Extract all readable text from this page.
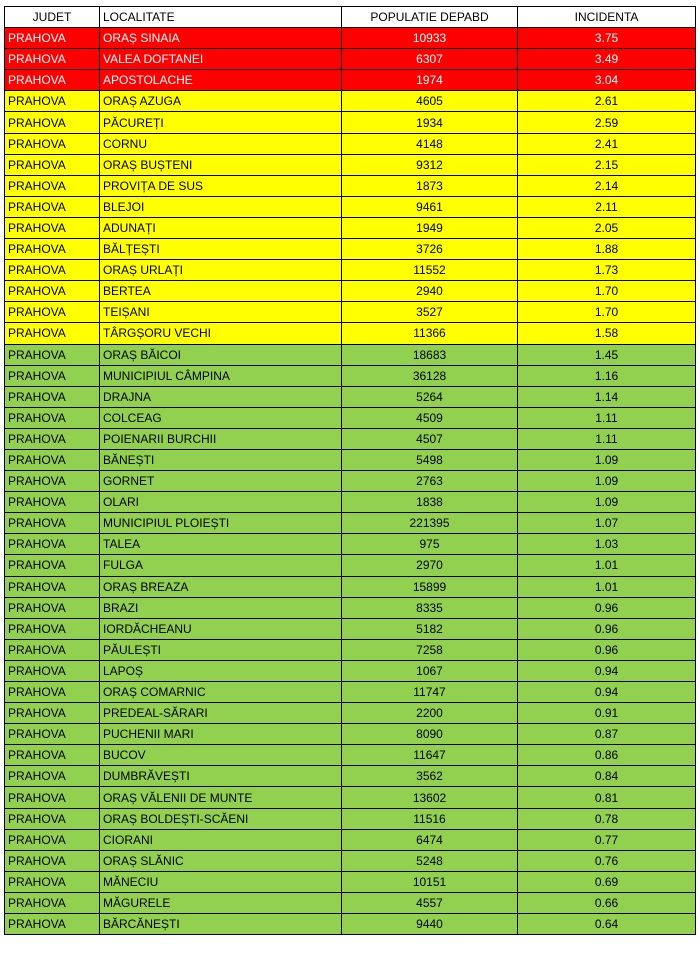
JUDET	LOCALITATE	POPULATIE DEPABD	INCIDENTA
PRAHOVA	ORAȘ SINAIA	10933	3.75
PRAHOVA	VALEA DOFTANEI	6307	3.49
PRAHOVA	APOSTOLACHE	1974	3.04
PRAHOVA	ORAȘ AZUGA	4605	2.61
PRAHOVA	PĂCUREȚI	1934	2.59
PRAHOVA	CORNU	4148	2.41
PRAHOVA	ORAȘ BUȘTENI	9312	2.15
PRAHOVA	PROVIȚA DE SUS	1873	2.14
PRAHOVA	BLEJOI	9461	2.11
PRAHOVA	ADUNAȚI	1949	2.05
PRAHOVA	BĂLȚEȘTI	3726	1.88
PRAHOVA	ORAȘ URLAȚI	11552	1.73
PRAHOVA	BERTEA	2940	1.70
PRAHOVA	TEIȘANI	3527	1.70
PRAHOVA	TÂRGȘORU VECHI	11366	1.58
PRAHOVA	ORAȘ BĂICOI	18683	1.45
PRAHOVA	MUNICIPIUL CÂMPINA	36128	1.16
PRAHOVA	DRAJNA	5264	1.14
PRAHOVA	COLCEAG	4509	1.11
PRAHOVA	POIENARII BURCHII	4507	1.11
PRAHOVA	BĂNEȘTI	5498	1.09
PRAHOVA	GORNET	2763	1.09
PRAHOVA	OLARI	1838	1.09
PRAHOVA	MUNICIPIUL PLOIEȘTI	221395	1.07
PRAHOVA	TALEA	975	1.03
PRAHOVA	FULGA	2970	1.01
PRAHOVA	ORAȘ BREAZA	15899	1.01
PRAHOVA	BRAZI	8335	0.96
PRAHOVA	IORDĂCHEANU	5182	0.96
PRAHOVA	PĂULEȘTI	7258	0.96
PRAHOVA	LAPOȘ	1067	0.94
PRAHOVA	ORAȘ COMARNIC	11747	0.94
PRAHOVA	PREDEAL-SĂRARI	2200	0.91
PRAHOVA	PUCHENII MARI	8090	0.87
PRAHOVA	BUCOV	11647	0.86
PRAHOVA	DUMBRĂVEȘTI	3562	0.84
PRAHOVA	ORAȘ VĂLENII DE MUNTE	13602	0.81
PRAHOVA	ORAȘ BOLDEȘTI-SCĂENI	11516	0.78
PRAHOVA	CIORANI	6474	0.77
PRAHOVA	ORAȘ SLĂNIC	5248	0.76
PRAHOVA	MĂNECIU	10151	0.69
PRAHOVA	MĂGURELE	4557	0.66
PRAHOVA	BĂRCĂNEȘTI	9440	0.64
